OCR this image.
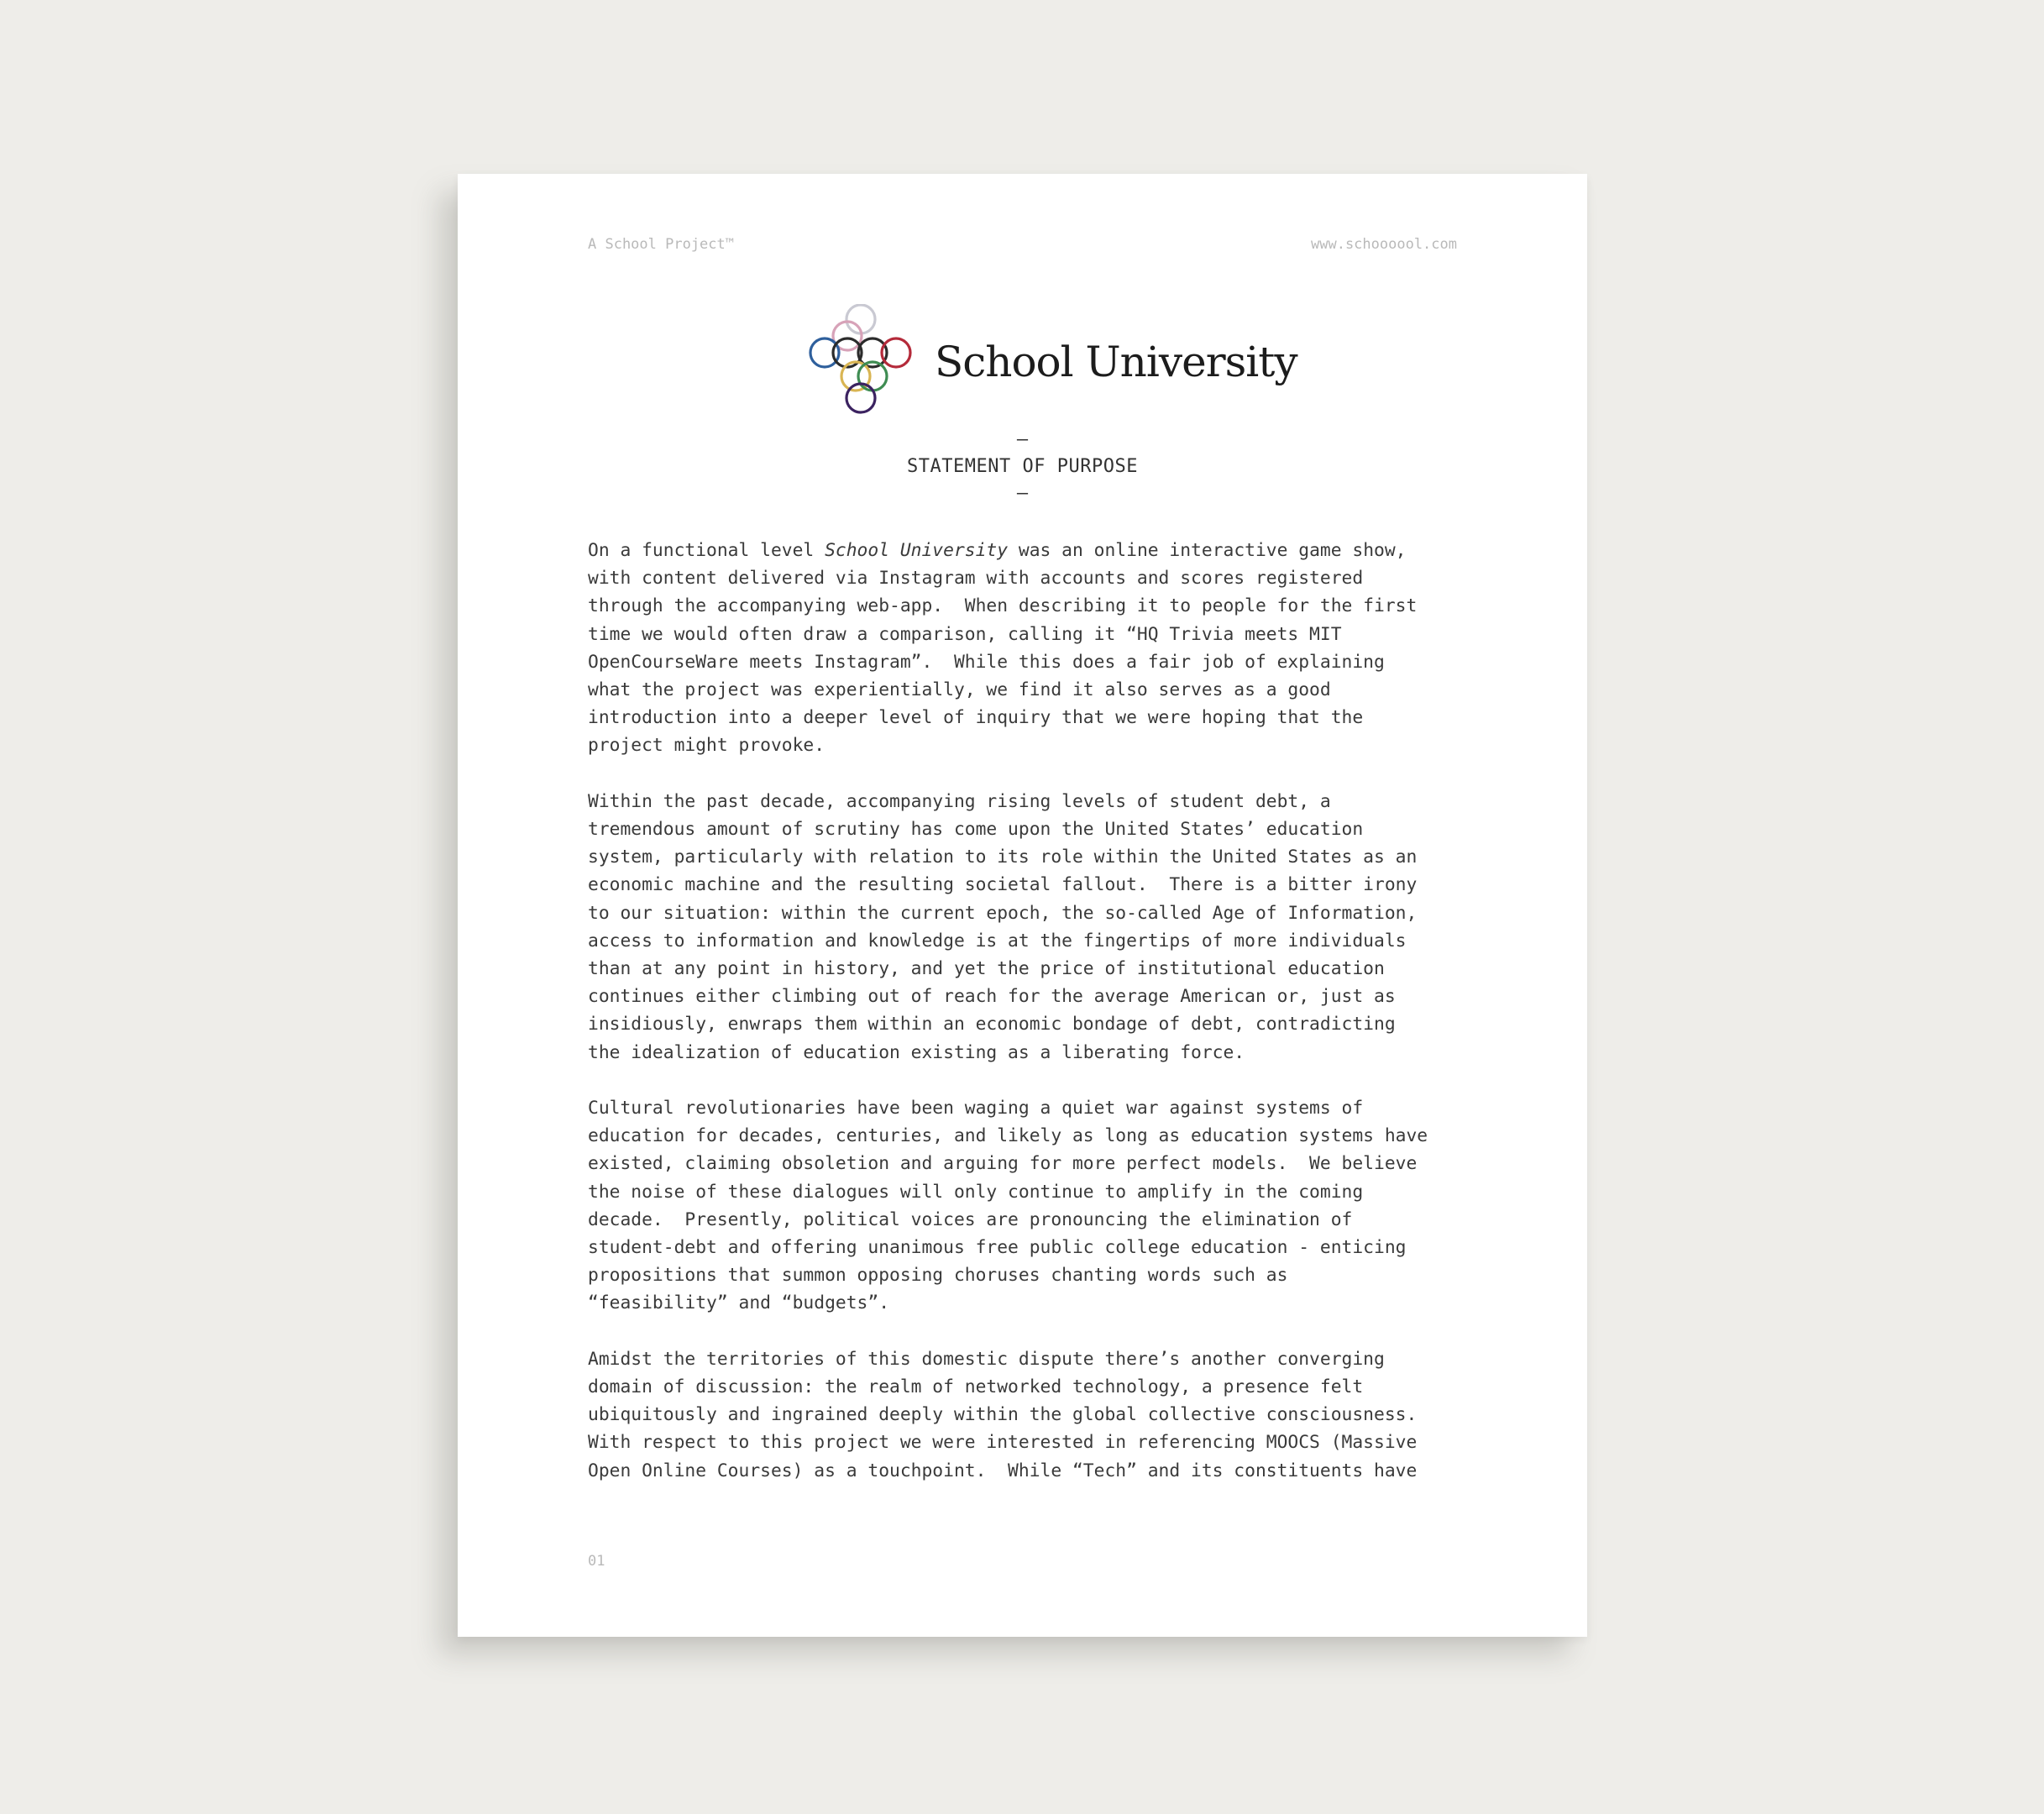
A School Project™	www.schoooool.com
School University
–
STATEMENT OF PURPOSE
–

On a functional level School University was an online interactive game show,
with content delivered via Instagram with accounts and scores registered
through the accompanying web-app.  When describing it to people for the first
time we would often draw a comparison, calling it “HQ Trivia meets MIT
OpenCourseWare meets Instagram”.  While this does a fair job of explaining
what the project was experientially, we find it also serves as a good
introduction into a deeper level of inquiry that we were hoping that the
project might provoke.

Within the past decade, accompanying rising levels of student debt, a
tremendous amount of scrutiny has come upon the United States’ education
system, particularly with relation to its role within the United States as an
economic machine and the resulting societal fallout.  There is a bitter irony
to our situation: within the current epoch, the so-called Age of Information,
access to information and knowledge is at the fingertips of more individuals
than at any point in history, and yet the price of institutional education
continues either climbing out of reach for the average American or, just as
insidiously, enwraps them within an economic bondage of debt, contradicting
the idealization of education existing as a liberating force.

Cultural revolutionaries have been waging a quiet war against systems of
education for decades, centuries, and likely as long as education systems have
existed, claiming obsoletion and arguing for more perfect models.  We believe
the noise of these dialogues will only continue to amplify in the coming
decade.  Presently, political voices are pronouncing the elimination of
student-debt and offering unanimous free public college education - enticing
propositions that summon opposing choruses chanting words such as
“feasibility” and “budgets”.

Amidst the territories of this domestic dispute there’s another converging
domain of discussion: the realm of networked technology, a presence felt
ubiquitously and ingrained deeply within the global collective consciousness.
With respect to this project we were interested in referencing MOOCS (Massive
Open Online Courses) as a touchpoint.  While “Tech” and its constituents have

01
